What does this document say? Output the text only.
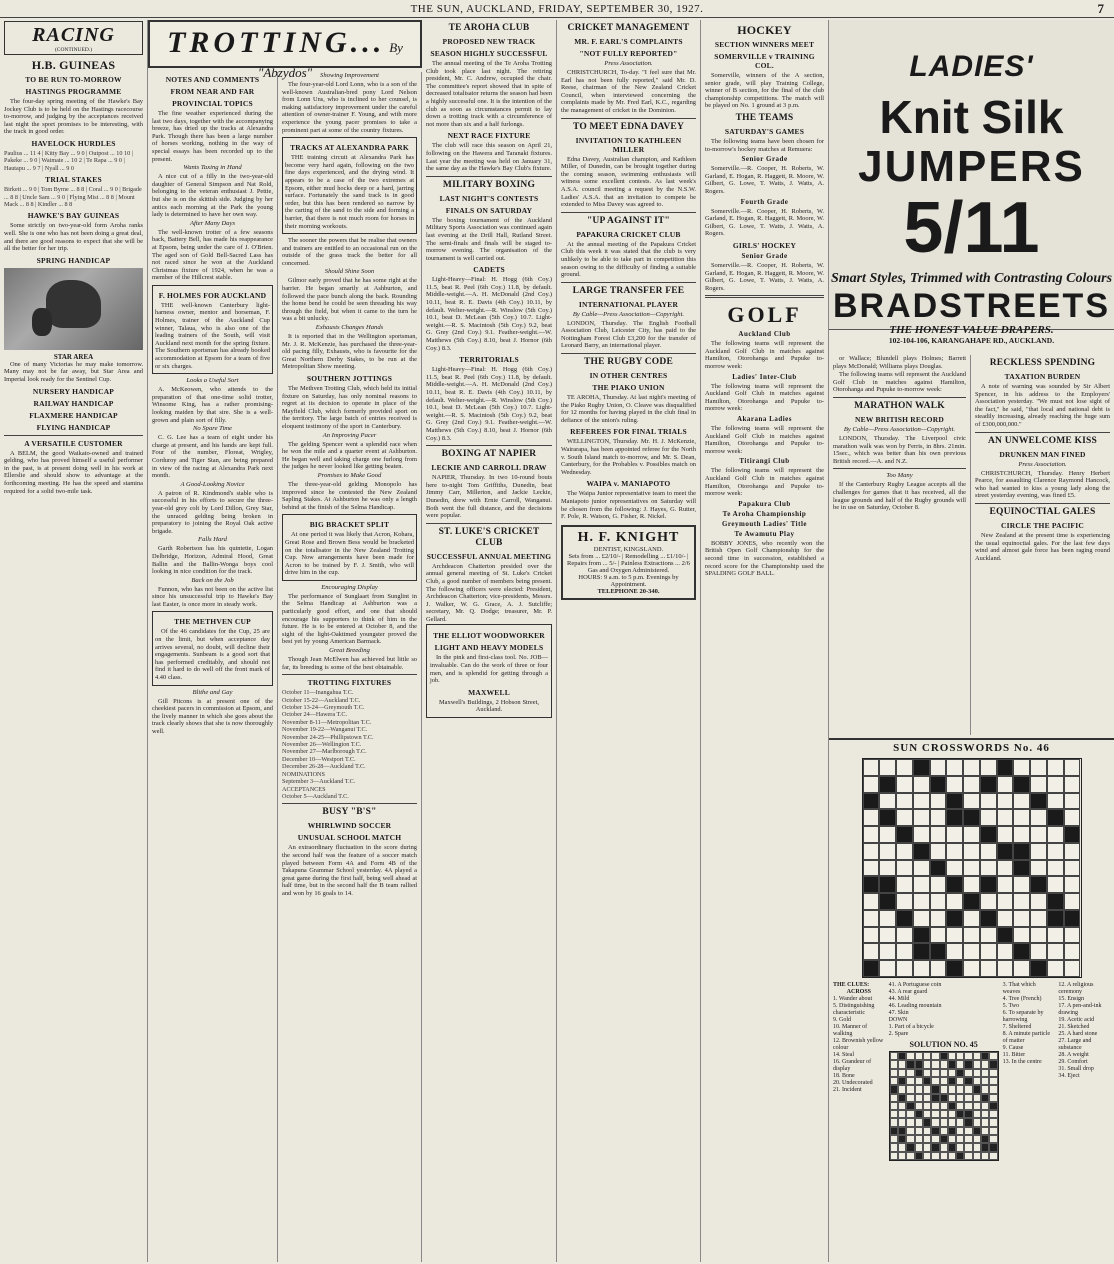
THE SUN, AUCKLAND, FRIDAY, SEPTEMBER 30, 1927.	7
RACING
(CONTINUED.)
H.B. GUINEAS
TO BE RUN TO-MORROW
HASTINGS PROGRAMME

The four-day spring meeting of the Hawke's Bay Jockey Club is to be held on the Hastings racecourse to-morrow, and judging by the acceptances received last night the sport promises to be interesting, with the track in good order.

HAVELOCK HURDLES
Paulius ... 11 4 | Kitty Bay ... 9 0 | Outpost ... 10 10 | Pakeke ... 9 0 | Waimate ... 10 2 | Te Rapa ... 9 0 | Hautapu ... 9 7 | Nyall ... 9 0
TRIAL STAKES
Birkett ... 9 0 | Tom Byrne ... 8 8 | Coral ... 9 0 | Brigade ... 8 8 | Uncle Sam ... 9 0 | Flying Mist ... 8 8 | Mount Mack ... 8 8 | Kindler ... 8 8
HAWKE'S BAY GUINEAS

Some strictly on two-year-old form Aroha ranks well. She is one who has not been doing a great deal, and there are good reasons to expect that she will be all the better for her trip.

SPRING HANDICAP
STAR AREA

One of many Victorias he may make tomorrow. Many may not be far away, but Star Area and Imperial look ready for the Sentinel Cup.

NURSERY HANDICAP
RAILWAY HANDICAP
FLAXMERE HANDICAP
FLYING HANDICAP
A VERSATILE CUSTOMER

A BELM, the good Waikato-owned and trained gelding, who has proved himself a useful performer in the past, is at present doing well in his work at Ellerslie and should show to advantage at the forthcoming meeting. He has the speed and stamina required for a solid two-mile task.

TROTTING... By "Abzydos"
NOTES AND COMMENTS
FROM NEAR AND FAR
PROVINCIAL TOPICS

The fine weather experienced during the last two days, together with the accompanying breeze, has dried up the tracks at Alexandra Park. Though there has been a large number of horses working, nothing in the way of special essays has been recorded up to the present.

Wants Taxing in Hand

A nice cut of a filly in the two-year-old daughter of General Simpson and Nat Rold, belonging to the veteran enthusiast J. Pettie, but she is on the skittish side. Judging by her antics each morning at the Park the young lady is determined to have her own way.

After Many Days

The well-known trotter of a few seasons back, Battery Bell, has made his reappearance at Epsom, being under the care of J. O'Brien. The aged son of Gold Bell-Sacred Lass has not raced since he won at the Auckland Christmas fixture of 1924, when he was a member of the Hillcrest stable.

F. HOLMES FOR AUCKLAND

THE well-known Canterbury light-harness owner, mentor and horseman, F. Holmes, trainer of the Auckland Cup winner, Talaua, who is also one of the leading trainers of the South, will visit Auckland next month for the spring fixture. The Southern sportsman has already booked accommodation at Epsom for a team of five or six charges.

Looks a Useful Sort

A. McKeowen, who attends to the preparation of that one-time solid trotter, Winsome King, has a rather promising-looking maiden by that sire. She is a well-grown and plain sort of filly.

No Spare Time

C. G. Lee has a team of eight under his charge at present, and his hands are kept full. Four of the number, Floreat, Wrigley, Corduroy and Tiger Stan, are being prepared in view of the racing at Alexandra Park next month.

A Good-Looking Novice

A patron of R. Kindmond's stable who is successful in his efforts to secure the three-year-old grey colt by Lord Dillon, Grey Star, the unraced gelding being broken in preparatory to joining the Royal Oak active brigade.

Falls Hard

Garth Robertson has his quintette, Logan Delbridge, Horizon, Admiral Hood, Great Ballin and the Ballin-Wonga boys cool looking in nice condition for the track.

Back on the Job

Funnon, who has not been on the active list since his unsuccessful trip to Hawke's Bay last Easter, is once more in steady work.

THE METHVEN CUP

Of the 46 candidates for the Cup, 25 are on the limit, but when acceptance day arrives several, no doubt, will decline their engagements. Sunbeam is a good sort that has performed creditably, and should not find it hard to do well off the front mark of 4.40 class.

Blithe and Gay

Gill Pitcons is at present one of the cheekiest pacers in commission at Epsom, and the lively manner in which she goes about the track clearly shows that she is now thoroughly well.

Showing Improvement

The four-year-old Lord Lonn, who is a son of the well-known Australian-bred pony Lord Nelson from Lonn Uns, who is inclined to her counsel, is making satisfactory improvement under the careful attention of owner-trainer F. Young, and with more experience the young pacer promises to take a prominent part at some of the country fixtures.

TRACKS AT ALEXANDRA PARK

THE training circuit at Alexandra Park has become very hard again, following on the two fine days experienced, and the drying wind. It appears to be a case of the two extremes at Epsom, either mud hocks deep or a hard, jarring surface. Fortunately the sand track is in good order, but this has been rendered so narrow by the carting of the sand to the side and forming a barrier, that there is not much room for horses in their morning workouts.

The sooner the powers that be realise that owners and trainers are entitled to an occasional run on the outside of the grass track the better for all concerned.

Should Shine Soon

Gilmor early proved that he has some right at the barrier. He began smartly at Ashburton, and followed the pace bunch along the back. Rounding the home bend he could be seen threading his way through the field, but when it came to the turn he was a bit unlucky.

Exhausts Changes Hands

It is reported that in the Wellington sportsman, Mr. J. R. McKenzie, has purchased the three-year-old pacing filly, Exhausts, who is favourite for the Great Northern Derby Stakes, to be run at the Metropolitan Show meeting.

SOUTHERN JOTTINGS

The Methven Trotting Club, which held its initial fixture on Saturday, has only nominal reasons to regret at its decision to operate in place of the Mayfield Club, which formerly provided sport on the territory. The large batch of entries received is eloquent testimony of the sport in Canterbury.

An Improving Pacer

The gelding Spencer went a splendid race when he won the mile and a quarter event at Ashburton. He began well and taking charge one furlong from the judges he never looked like getting beaten.

Promises to Make Good

The three-year-old gelding Monopolo has improved since he contested the New Zealand Sapling Stakes. At Ashburton he was only a length behind at the finish of the Selma Handicap.

BIG BRACKET SPLIT

At one period it was likely that Acron, Kohara, Great Rose and Brown Bess would be bracketed on the totalisator in the New Zealand Trotting Cup. Now arrangements have been made for Acron to be trained by F. J. Smith, who will drive him in the cup.

Encouraging Display

The performance of Sunglaart from Sunglint in the Selma Handicap at Ashburton was a particularly good effort, and one that should encourage his supporters to think of him in the future. He is to be entered at October 8, and the sight of the light-Oaktimed youngster proved the best yet by young American Barmack.

Great Breeding

Though Jean McElwen has achieved but little so far, its breeding is some of the best obtainable.

TROTTING FIXTURES
October 11—Inangahua T.C.
October 15-22—Auckland T.C.
October 13-24—Greymouth T.C.
October 24—Hawera T.C.
November 8-11—Metropolitan T.C.
November 19-22—Wanganui T.C.
November 24-25—Phillipstown T.C.
November 26—Wellington T.C.
November 27—Marlborough T.C.
December 10—Westport T.C.
December 26-28—Auckland T.C.
NOMINATIONS
September 3—Auckland T.C.
ACCEPTANCES
October 5—Auckland T.C.
BUSY "B'S"
WHIRLWIND SOCCER
UNUSUAL SCHOOL MATCH

An extraordinary fluctuation in the score during the second half was the feature of a soccer match played between Form 4A and Form 4B of the Takapuna Grammar School yesterday. 4A played a great game during the first half, being well ahead at half time, but in the second half the B team rallied and won by 16 goals to 14.

TE AROHA CLUB
PROPOSED NEW TRACK
SEASON HIGHLY SUCCESSFUL

The annual meeting of the Te Aroha Trotting Club took place last night. The retiring president, Mr. C. Andrew, occupied the chair. The committee's report showed that in spite of decreased totalisator returns the season had been a highly successful one. It is the intention of the club as soon as circumstances permit to lay down a trotting track with a circumference of not more than six and a half furlongs.

NEXT RACE FIXTURE

The club will race this season on April 21, following on the Hawera and Taranaki fixtures. Last year the meeting was held on January 31, the same day as the Hawke's Bay Club's fixture.

MILITARY BOXING
LAST NIGHT'S CONTESTS
FINALS ON SATURDAY

The boxing tournament of the Auckland Military Sports Association was continued again last evening at the Drill Hall, Rutland Street. The semi-finals and finals will be staged to-morrow evening. The organisation of the tournament is well carried out.

CADETS

Light-Heavy—Final: H. Hogg (6th Coy.) 11.5, beat R. Peel (6th Coy.) 11.8, by default. Middle-weight.—A. H. McDonald (2nd Coy.) 10.11, beat R. E. Davis (4th Coy.) 10.11, by default. Welter-weight.—R. Winslow (5th Coy.) 10.1, beat D. McLean (5th Coy.) 10.7. Light-weight.—R. S. Macintosh (5th Coy.) 9.2, beat G. Grey (2nd Coy.) 9.1. Feather-weight.—W. Matthews (5th Coy.) 8.10, beat J. Hornor (6th Coy.) 8.3.

TERRITORIALS

Light-Heavy—Final: H. Hogg (6th Coy.) 11.5, beat R. Peel (6th Coy.) 11.8, by default. Middle-weight.—A. H. McDonald (2nd Coy.) 10.11, beat R. E. Davis (4th Coy.) 10.11, by default. Welter-weight.—R. Winslow (5th Coy.) 10.1, beat D. McLean (5th Coy.) 10.7. Light-weight.—R. S. Macintosh (5th Coy.) 9.2, beat G. Grey (2nd Coy.) 9.1. Feather-weight.—W. Matthews (5th Coy.) 8.10, beat J. Hornor (6th Coy.) 8.3.

BOXING AT NAPIER
LECKIE AND CARROLL DRAW

NAPIER, Thursday. In two 10-round bouts here to-night Tom Griffiths, Dunedin, beat Jimmy Carr, Millerton, and Jackie Leckie, Dunedin, drew with Ernie Carroll, Wanganui. Both went the full distance, and the decisions were popular.

ST. LUKE'S CRICKET CLUB
SUCCESSFUL ANNUAL MEETING

Archdeacon Chatterton presided over the annual general meeting of St. Luke's Cricket Club, a good number of members being present. The following officers were elected: President, Archdeacon Chatterton; vice-presidents, Messrs. J. Walker, W. G. Grace, A. J. Sutcliffe; secretary, Mr. Q. Dodge; treasurer, Mr. P. Gellard.

THE ELLIOT WOODWORKER
LIGHT AND HEAVY MODELS

In the pink and first-class tool. No. JOB—invaluable. Can do the work of three or four men, and is splendid for getting through a job.

MAXWELL
Maxwell's Buildings, 2 Hobson Street, Auckland.
CRICKET MANAGEMENT
MR. F. EARL'S COMPLAINTS
"NOT FULLY REPORTED"
Press Association.

CHRISTCHURCH, To-day. "I feel sure that Mr. Earl has not been fully reported," said Mr. D. Reese, chairman of the New Zealand Cricket Council, when interviewed concerning the complaints made by Mr. Fred Earl, K.C., regarding the management of cricket in the Dominion.

TO MEET EDNA DAVEY
INVITATION TO KATHLEEN MILLER

Edna Davey, Australian champion, and Kathleen Miller, of Dunedin, can be brought together during the coming season, swimming enthusiasts will witness some excellent contests. As last week's A.S.A. council meeting a request by the N.S.W. Ladies' A.S.A. that an invitation to compete be extended to Miss Davey was agreed to.

"UP AGAINST IT"
PAPAKURA CRICKET CLUB

At the annual meeting of the Papakura Cricket Club this week it was stated that the club is very unlikely to be able to take part in competition this season owing to the difficulty of finding a suitable ground.

LARGE TRANSFER FEE
INTERNATIONAL PLAYER
By Cable—Press Association—Copyright.

LONDON, Thursday. The English Football Association Club, Leicester City, has paid to the Nottingham Forest Club £3,200 for the transfer of Leonard Barry, an international player.

THE RUGBY CODE
IN OTHER CENTRES
THE PIAKO UNION

TE AROHA, Thursday. At last night's meeting of the Piako Rugby Union, O. Cleave was disqualified for 12 months for having played in the club final in defiance of the union's ruling.

REFEREES FOR FINAL TRIALS

WELLINGTON, Thursday. Mr. H. J. McKenzie, Wairarapa, has been appointed referee for the North v. South Island match to-morrow, and Mr. S. Dean, Canterbury, for the Probables v. Possibles match on Wednesday.

WAIPA v. MANIAPOTO

The Waipa Junior representative team to meet the Maniapoto junior representatives on Saturday will be chosen from the following: J. Hayes, G. Rutter, F. Pole, R. Watson, G. Fisher, R. Nickel.

H. F. KNIGHT
DENTIST, KINGSLAND.
Sets from ... £2/10/- | Remodelling ... £1/10/- | Repairs from ... 5/- | Painless Extractions ... 2/6
Gas and Oxygen Administered.
HOURS: 9 a.m. to 5 p.m. Evenings by Appointment.
TELEPHONE 20-340.
HOCKEY
SECTION WINNERS MEET
SOMERVILLE v TRAINING COL.

Somerville, winners of the A section, senior grade, will play Training College, winner of B section, for the final of the club championship competitions. The match will be played on No. 1 ground at 3 p.m.

THE TEAMS
SATURDAY'S GAMES

The following teams have been chosen for to-morrow's hockey matches at Remuera:

Senior Grade

Somerville.—R. Cooper, H. Roberts, W. Garland, E. Hogan, R. Haggett, R. Moore, W. Gilbert, G. Lowe, T. Watts, J. Watts, A. Rogers.

Fourth Grade

Somerville.—R. Cooper, H. Roberts, W. Garland, E. Hogan, R. Haggett, R. Moore, W. Gilbert, G. Lowe, T. Watts, J. Watts, A. Rogers.

GIRLS' HOCKEY
Senior Grade

Somerville.—R. Cooper, H. Roberts, W. Garland, E. Hogan, R. Haggett, R. Moore, W. Gilbert, G. Lowe, T. Watts, J. Watts, A. Rogers.

GOLF
Auckland Club

The following teams will represent the Auckland Golf Club in matches against Hamilton, Otorohanga and Pupuke to-morrow week:

Ladies' Inter-Club

The following teams will represent the Auckland Golf Club in matches against Hamilton, Otorohanga and Pupuke to-morrow week:

Akarana Ladies

The following teams will represent the Auckland Golf Club in matches against Hamilton, Otorohanga and Pupuke to-morrow week:

Titirangi Club

The following teams will represent the Auckland Golf Club in matches against Hamilton, Otorohanga and Pupuke to-morrow week:

Papakura Club
Te Aroha Championship
Greymouth Ladies' Title
Te Awamutu Play

BOBBY JONES, who recently won the British Open Golf Championship for the second time in succession, established a record score for the Championship used the SPALDING GOLF BALL.

LADIES'
Knit Silk
JUMPERS
5/11
Smart Styles, Trimmed with Contrasting Colours
BRADSTREETS
THE HONEST VALUE DRAPERS.
102-104-106, KARANGAHAPE RD., AUCKLAND.

or Wallace; Blundell plays Holmes; Barrett plays McDonald; Williams plays Douglas.

The following teams will represent the Auckland Golf Club in matches against Hamilton, Otorohanga and Pupuke to-morrow week:

MARATHON WALK
NEW BRITISH RECORD
By Cable—Press Association—Copyright.

LONDON, Thursday. The Liverpool civic marathon walk was won by Ferris, in 8hrs. 21min. 15sec., which was better than his own previous British record.—A. and N.Z.

Too Many

If the Canterbury Rugby League accepts all the challenges for games that it has received, all the league grounds and half of the Rugby grounds will be in use on Saturday, October 8.

RECKLESS SPENDING
TAXATION BURDEN

A note of warning was sounded by Sir Albert Spencer, in his address to the Employers' Association yesterday. "We must not lose sight of the fact," he said, "that local and national debt is steadily increasing, already reaching the huge sum of £300,000,000."

AN UNWELCOME KISS
DRUNKEN MAN FINED
Press Association.

CHRISTCHURCH, Thursday. Henry Herbert Pearce, for assaulting Clarence Raymond Hancock, who had wanted to kiss a young lady along the street yesterday evening, was fined £5.

EQUINOCTIAL GALES
CIRCLE THE PACIFIC

New Zealand at the present time is experiencing the usual equinoctial gales. For the last few days wind and almost gale force has been raging round Auckland.

SUN CROSSWORDS No. 46
THE CLUES:
ACROSS
1. Wander about
5. Distinguishing characteristic
9. Gold
10. Manner of walking
12. Brownish yellow colour
14. Steal
16. Grandeur of display
18. Bone
20. Undecorated
21. Incident
41. A Portuguese coin
43. A rear guard
44. Mild
46. Leading mountain
47. Skin
DOWN
1. Part of a bicycle
2. Spare
SOLUTION NO. 45
3. That which weaves
4. Tree (French)
5. Two
6. To separate by harrowing
7. Sheltered
8. A minute particle of matter
9. Cause
11. Bitter
13. In the centre
12. A religious ceremony
15. Ensign
17. A pen-and-ink drawing
19. Acetic acid
21. Sketched
25. A hard stone
27. Large and substance
28. A weight
29. Comfort
31. Small drop
34. Eject
